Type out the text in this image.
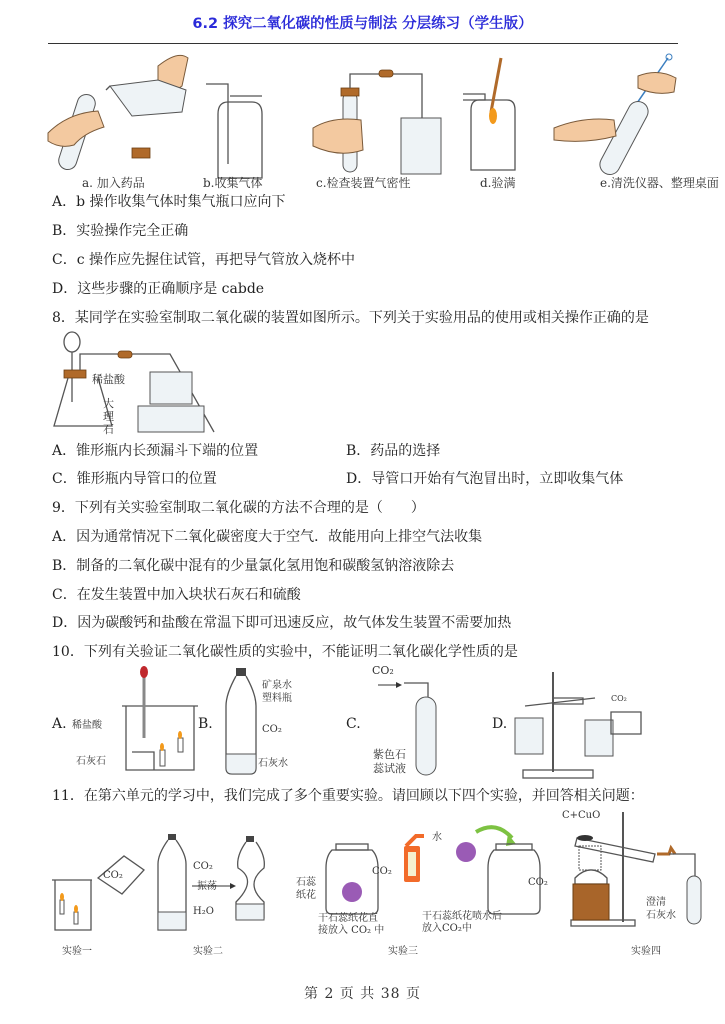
6.2 探究二氧化碳的性质与制法 分层练习（学生版）
a. 加入药品	b.收集气体	c.检查装置气密性	d.验满	e.清洗仪器、整理桌面
A．b 操作收集气体时集气瓶口应向下
B．实验操作完全正确
C．c 操作应先握住试管，再把导气管放入烧杯中
D．这些步骤的正确顺序是 cabde
8．某同学在实验室制取二氧化碳的装置如图所示。下列关于实验用品的使用或相关操作正确的是
稀盐酸
大
理
石
A．锥形瓶内长颈漏斗下端的位置	B．药品的选择
C．锥形瓶内导管口的位置	D．导管口开始有气泡冒出时，立即收集气体
9．下列有关实验室制取二氧化碳的方法不合理的是（　　）
A．因为通常情况下二氧化碳密度大于空气．故能用向上排空气法收集
B．制备的二氧化碳中混有的少量氯化氢用饱和碳酸氢钠溶液除去
C．在发生装置中加入块状石灰石和硫酸
D．因为碳酸钙和盐酸在常温下即可迅速反应，故气体发生装置不需要加热
10．下列有关验证二氧化碳性质的实验中，不能证明二氧化碳化学性质的是
A. 稀盐酸
石灰石
B.
矿泉水
塑料瓶
CO₂
石灰水
C.
CO₂
紫色石
蕊试液
D.
CO₂
11．在第六单元的学习中，我们完成了多个重要实验。请回顾以下四个实验，并回答相关问题：
CO₂
实验一
CO₂
振荡
H₂O
实验二
石蕊
纸花
CO₂
干石蕊纸花直
接放入 CO₂ 中
水
干石蕊纸花喷水后
放入CO₂中
CO₂
实验三
C+CuO
澄清
石灰水
实验四
第 2 页 共 38 页
